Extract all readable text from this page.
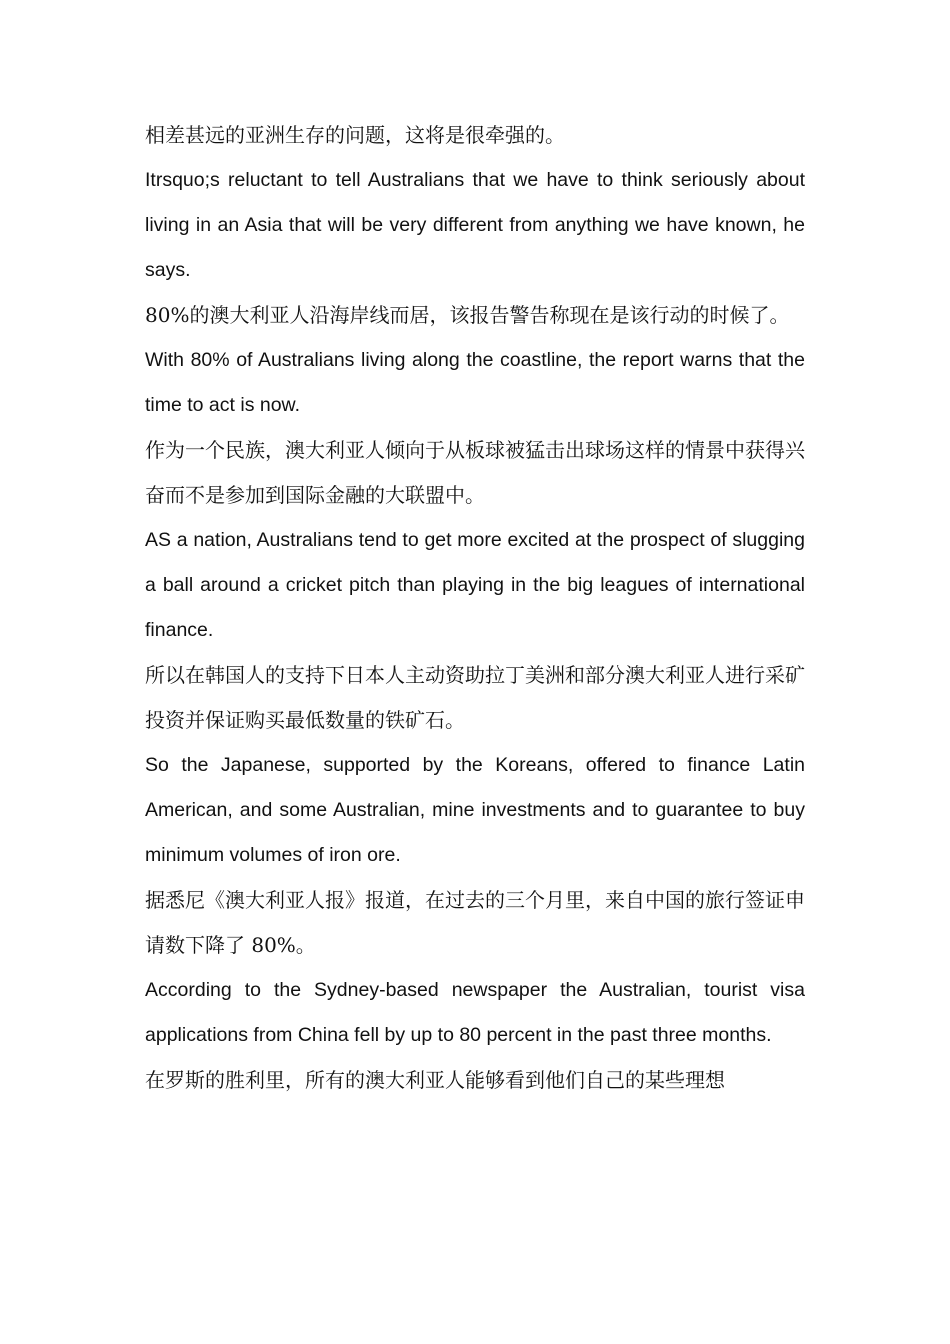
相差甚远的亚洲生存的问题，这将是很牵强的。

Itrsquo;s reluctant to tell Australians that we have to think seriously about living in an Asia that will be very different from anything we have known, he says.

80%的澳大利亚人沿海岸线而居，该报告警告称现在是该行动的时候了。

With 80% of Australians living along the coastline, the report warns that the time to act is now.

作为一个民族，澳大利亚人倾向于从板球被猛击出球场这样的情景中获得兴奋而不是参加到国际金融的大联盟中。

AS a nation, Australians tend to get more excited at the prospect of slugging a ball around a cricket pitch than playing in the big leagues of international finance.

所以在韩国人的支持下日本人主动资助拉丁美洲和部分澳大利亚人进行采矿投资并保证购买最低数量的铁矿石。

So the Japanese, supported by the Koreans, offered to finance Latin American, and some Australian, mine investments and to guarantee to buy minimum volumes of iron ore.

据悉尼《澳大利亚人报》报道，在过去的三个月里，来自中国的旅行签证申请数下降了 80%。

According to the Sydney-based newspaper the Australian, tourist visa applications from China fell by up to 80 percent in the past three months.

在罗斯的胜利里，所有的澳大利亚人能够看到他们自己的某些理想
